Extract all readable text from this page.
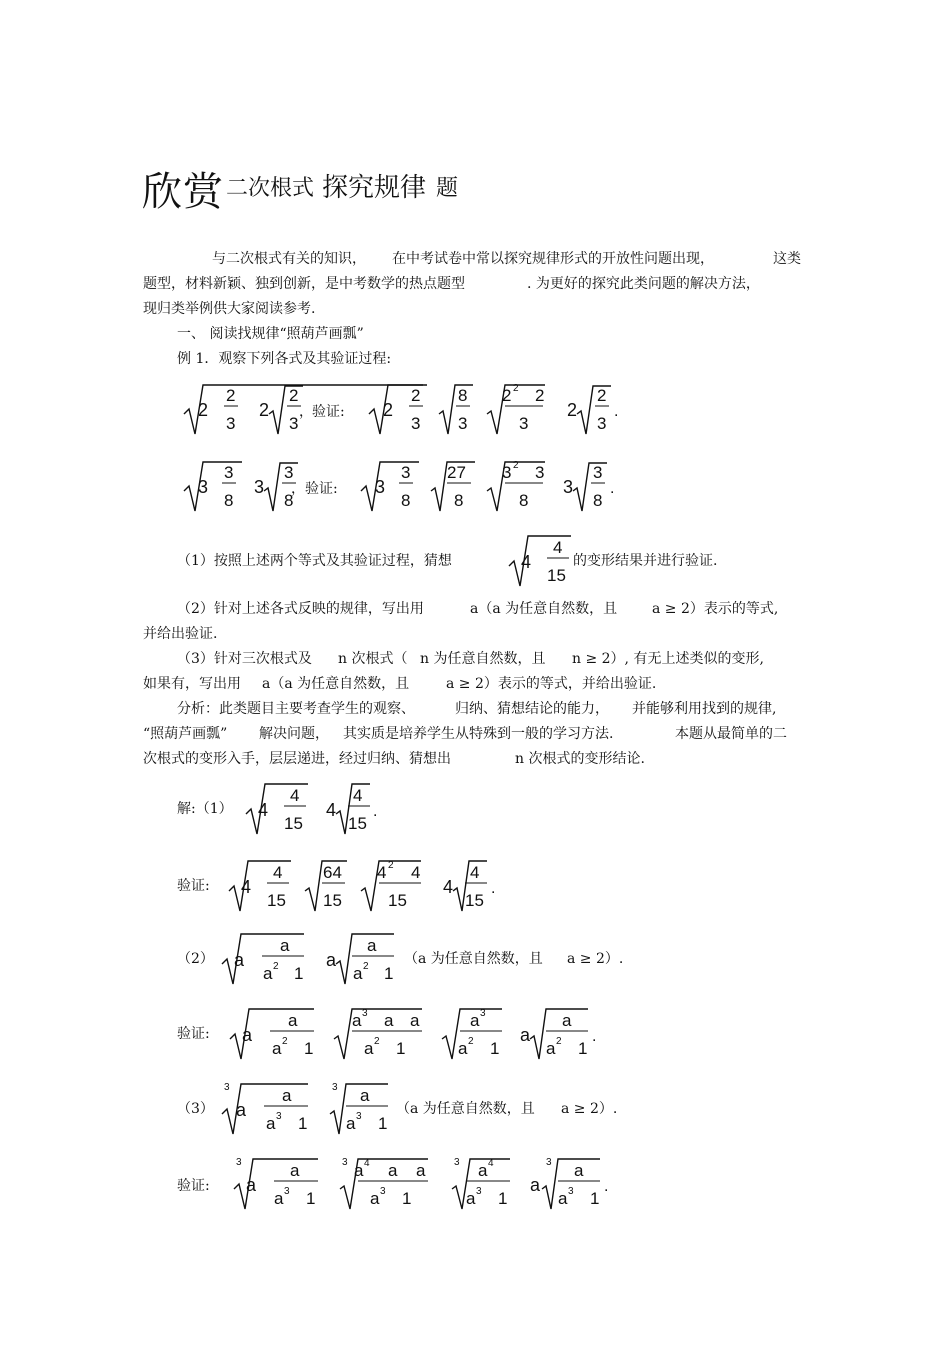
欣赏 二次根式 探究规律 题
与二次根式有关的知识， 在中考试卷中常以探究规律形式的开放性问题出现，	这类
题型，材料新颖、独到创新，是中考数学的热点题型	. 为更好的探究此类问题的解决方法，
现归类举例供大家阅读参考.
一、 阅读找规律“照葫芦画瓢”
例 1．观察下列各式及其验证过程:
2
2
3
2
2
3
， 验证: 2
2
3
8
3
2 2 2
3
2
2
3
.
3
3
8
3
3
8
， 验证: 3
3
8
27
8
3 2 3
8
3
3
8
.
（1）按照上述两个等式及其验证过程，猜想	4
4
15
的变形结果并进行验证.
（2）针对上述各式反映的规律，写出用	a（a 为任意自然数，且 a ≥ 2）表示的等式,
并给出验证.
（3）针对三次根式及 n 次根式（ n 为任意自然数，且 n ≥ 2）, 有无上述类似的变形,
如果有，写出用 a（a 为任意自然数，且	a ≥ 2）表示的等式，并给出验证.
分析：此类题目主要考查学生的观察、	归纳、猜想结论的能力， 并能够利用找到的规律,
“照葫芦画瓢” 解决问题， 其实质是培养学生从特殊到一般的学习方法.	本题从最简单的二
次根式的变形入手，层层递进，经过归纳、猜想出	n 次根式的变形结论.
解:（1） 4
4
15
4
4
15
.
验证: 4
4
15
64
15
4 2 4
15
4
4
15
.
（2） a
a
a 2 1
a
a
a 2 1
（a 为任意自然数，且 a ≥ 2）.
验证: a
a
a 2 1
a 3 a a
a 2 1
a 3
a 2 1
a
a
a 2 1
.
（3）
3
a
a
a 3 1
3 a
a 3 1
（a 为任意自然数，且 a ≥ 2）.
验证:
3
a
a
a 3 1
3 a 4 a a
a 3 1
3 a 4
a 3 1
a
3 a
a 3 1
.
